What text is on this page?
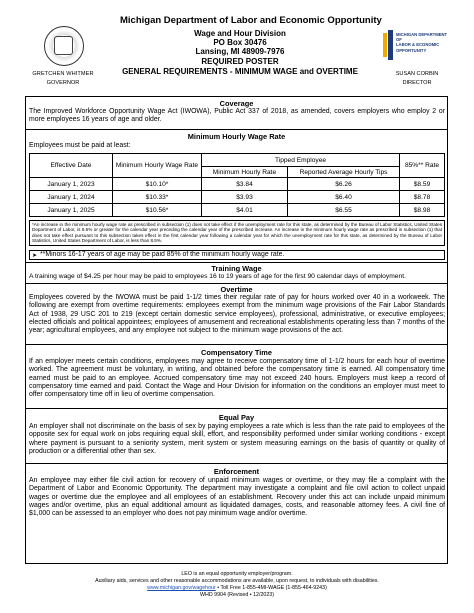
GRETCHEN WHITMER
GOVERNOR
Michigan Department of Labor and Economic Opportunity
Wage and Hour Division
PO Box 30476
Lansing, MI 48909-7976
REQUIRED POSTER
GENERAL REQUIREMENTS - MINIMUM WAGE and OVERTIME
MICHIGAN DEPARTMENT OF
LABOR & ECONOMIC
OPPORTUNITY
SUSAN CORBIN
DIRECTOR
Coverage
The Improved Workforce Opportunity Wage Act (IWOWA), Public Act 337 of 2018, as amended, covers employers who employ 2 or more employees 16 years of age and older.
Minimum Hourly Wage Rate
Employees must be paid at least:
Effective Date	Minimum Hourly Wage Rate	Tipped Employee		85%** Rate
		Minimum Hourly Rate	Reported Average Hourly Tips	
January 1, 2023	$10.10*	$3.84	$6.26	$8.59
January 1, 2024	$10.33*	$3.93	$6.40	$8.78
January 1, 2025	$10.56*	$4.01	$6.55	$8.98
*An increase in the minimum hourly wage rate as prescribed in subsection (1) does not take effect if the unemployment rate for this state, as determined by the Bureau of Labor Statistics, United States Department of Labor, is 8.5% or greater for the calendar year preceding the calendar year of the prescribed increase. An increase in the minimum hourly wage rate as prescribed in subsection (1) that does not take effect pursuant to this subsection takes effect in the first calendar year following a calendar year for which the unemployment rate for this state, as determined by the Bureau of Labor Statistics, United States Department of Labor, is less than 8.5%.
➤ **Minors 16-17 years of age may be paid 85% of the minimum hourly wage rate.
Training Wage
A training wage of $4.25 per hour may be paid to employees 16 to 19 years of age for the first 90 calendar days of employment.
Overtime
Employees covered by the IWOWA must be paid 1-1/2 times their regular rate of pay for hours worked over 40 in a workweek. The following are exempt from overtime requirements: employees exempt from the minimum wage provisions of the Fair Labor Standards Act of 1938, 29 USC 201 to 219 (except certain domestic service employees), professional, administrative, or executive employees; elected officials and political appointees; employees of amusement and recreational establishments operating less than 7 months of the year; agricultural employees, and any employee not subject to the minimum wage provisions of the act.
Compensatory Time
If an employer meets certain conditions, employees may agree to receive compensatory time of 1-1/2 hours for each hour of overtime worked. The agreement must be voluntary, in writing, and obtained before the compensatory time is earned. All compensatory time earned must be paid to an employee. Accrued compensatory time may not exceed 240 hours. Employers must keep a record of compensatory time earned and paid. Contact the Wage and Hour Division for information on the conditions an employer must meet to offer compensatory time off in lieu of overtime compensation.
Equal Pay
An employer shall not discriminate on the basis of sex by paying employees a rate which is less than the rate paid to employees of the opposite sex for equal work on jobs requiring equal skill, effort, and responsibility performed under similar working conditions - except where payment is pursuant to a seniority system, merit system or system measuring earnings on the basis of quantity or quality of production or a differential other than sex.
Enforcement
An employee may either file civil action for recovery of unpaid minimum wages or overtime, or they may file a complaint with the Department of Labor and Economic Opportunity. The department may investigate a complaint and file civil action to collect unpaid wages or overtime due the employee and all employees of an establishment. Recovery under this act can include unpaid minimum wages and/or overtime, plus an equal additional amount as liquidated damages, costs, and reasonable attorney fees. A civil fine of $1,000 can be assessed to an employer who does not pay minimum wage and/or overtime.
LEO is an equal opportunity employer/program.
Auxiliary aids, services and other reasonable accommodations are available, upon request, to individuals with disabilities.
www.michigan.gov/wagehour • Toll Free 1-855-4MI-WAGE (1-855-464-9243)
WHD 9904 (Revised • 12/2023)
